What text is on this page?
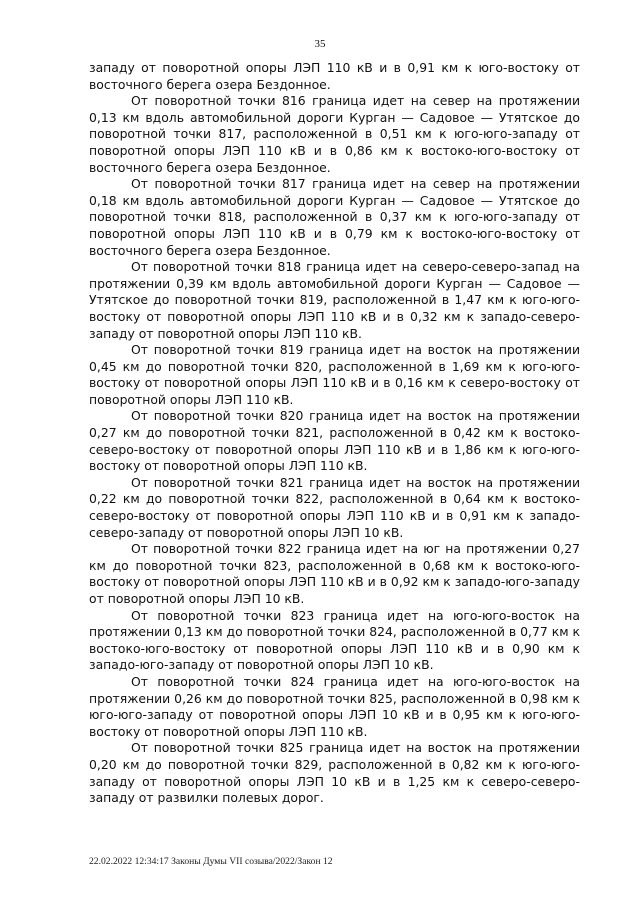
35

западу от поворотной опоры ЛЭП 110 кВ и в 0,91 км к юго-востоку от восточного берега озера Бездонное.

От поворотной точки 816 граница идет на север на протяжении 0,13 км вдоль автомобильной дороги Курган — Садовое — Утятское до поворотной точки 817, расположенной в 0,51 км к юго-юго-западу от поворотной опоры ЛЭП 110 кВ и в 0,86 км к востоко-юго-востоку от восточного берега озера Бездонное.

От поворотной точки 817 граница идет на север на протяжении 0,18 км вдоль автомобильной дороги Курган — Садовое — Утятское до поворотной точки 818, расположенной в 0,37 км к юго-юго-западу от поворотной опоры ЛЭП 110 кВ и в 0,79 км к востоко-юго-востоку от восточного берега озера Бездонное.

От поворотной точки 818 граница идет на северо-северо-запад на протяжении 0,39 км вдоль автомобильной дороги Курган — Садовое — Утятское до поворотной точки 819, расположенной в 1,47 км к юго-юго-востоку от поворотной опоры ЛЭП 110 кВ и в 0,32 км к западо-северо-западу от поворотной опоры ЛЭП 110 кВ.

От поворотной точки 819 граница идет на восток на протяжении 0,45 км до поворотной точки 820, расположенной в 1,69 км к юго-юго-востоку от поворотной опоры ЛЭП 110 кВ и в 0,16 км к северо-востоку от поворотной опоры ЛЭП 110 кВ.

От поворотной точки 820 граница идет на восток на протяжении 0,27 км до поворотной точки 821, расположенной в 0,42 км к востоко-северо-востоку от поворотной опоры ЛЭП 110 кВ и в 1,86 км к юго-юго-востоку от поворотной опоры ЛЭП 110 кВ.

От поворотной точки 821 граница идет на восток на протяжении 0,22 км до поворотной точки 822, расположенной в 0,64 км к востоко-северо-востоку от поворотной опоры ЛЭП 110 кВ и в 0,91 км к западо-северо-западу от поворотной опоры ЛЭП 10 кВ.

От поворотной точки 822 граница идет на юг на протяжении 0,27 км до поворотной точки 823, расположенной в 0,68 км к востоко-юго-востоку от поворотной опоры ЛЭП 110 кВ и в 0,92 км к западо-юго-западу от поворотной опоры ЛЭП 10 кВ.

От поворотной точки 823 граница идет на юго-юго-восток на протяжении 0,13 км до поворотной точки 824, расположенной в 0,77 км к востоко-юго-востоку от поворотной опоры ЛЭП 110 кВ и в 0,90 км к западо-юго-западу от поворотной опоры ЛЭП 10 кВ.

От поворотной точки 824 граница идет на юго-юго-восток на протяжении 0,26 км до поворотной точки 825, расположенной в 0,98 км к юго-юго-западу от поворотной опоры ЛЭП 10 кВ и в 0,95 км к юго-юго-востоку от поворотной опоры ЛЭП 110 кВ.

От поворотной точки 825 граница идет на восток на протяжении 0,20 км до поворотной точки 829, расположенной в 0,82 км к юго-юго-западу от поворотной опоры ЛЭП 10 кВ и в 1,25 км к северо-северо-западу от развилки полевых дорог.

22.02.2022 12:34:17 Законы Думы VII созыва/2022/Закон 12
